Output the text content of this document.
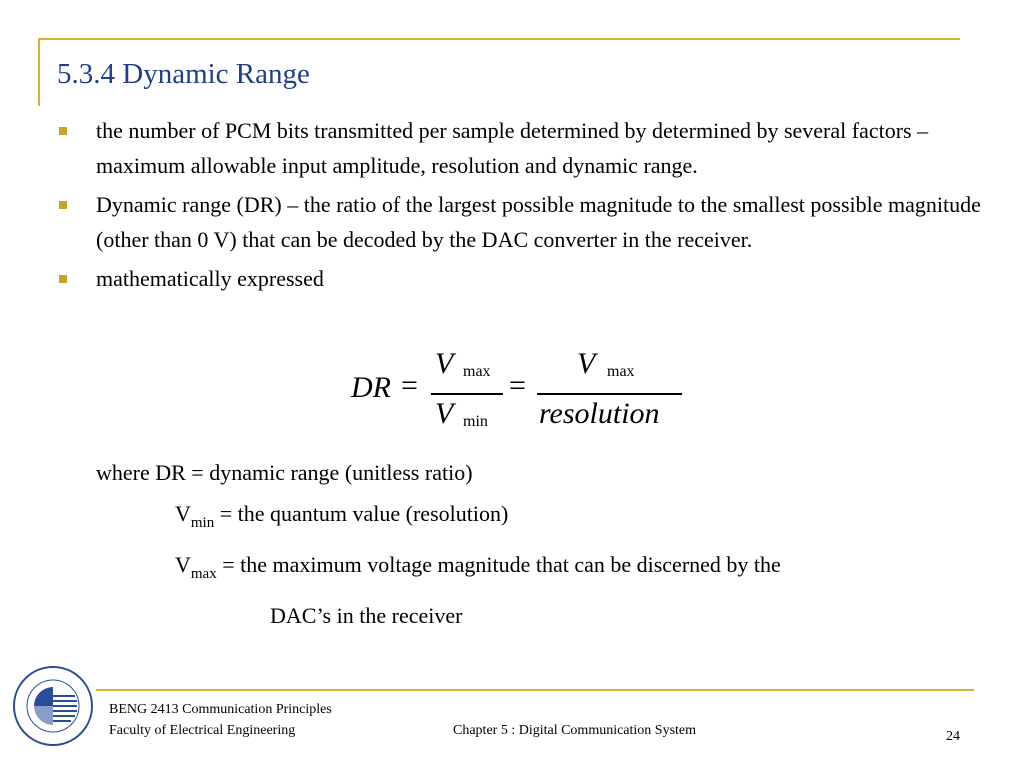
5.3.4 Dynamic Range
the number of PCM bits transmitted per sample determined by determined by several factors – maximum allowable input amplitude, resolution and dynamic range.
Dynamic range (DR) – the ratio of the largest possible magnitude to the smallest possible magnitude (other than 0 V) that can be decoded by the DAC converter in the receiver.
mathematically expressed
DR =
V max
V min
=
V max
resolution
where DR = dynamic range (unitless ratio)
$V_{min}$ = the quantum value (resolution)
$V_{max}$ = the maximum voltage magnitude that can be discerned by the
DAC’s in the receiver
BENG 2413 Communication Principles
Faculty of Electrical Engineering	Chapter 5 : Digital Communication System	24
